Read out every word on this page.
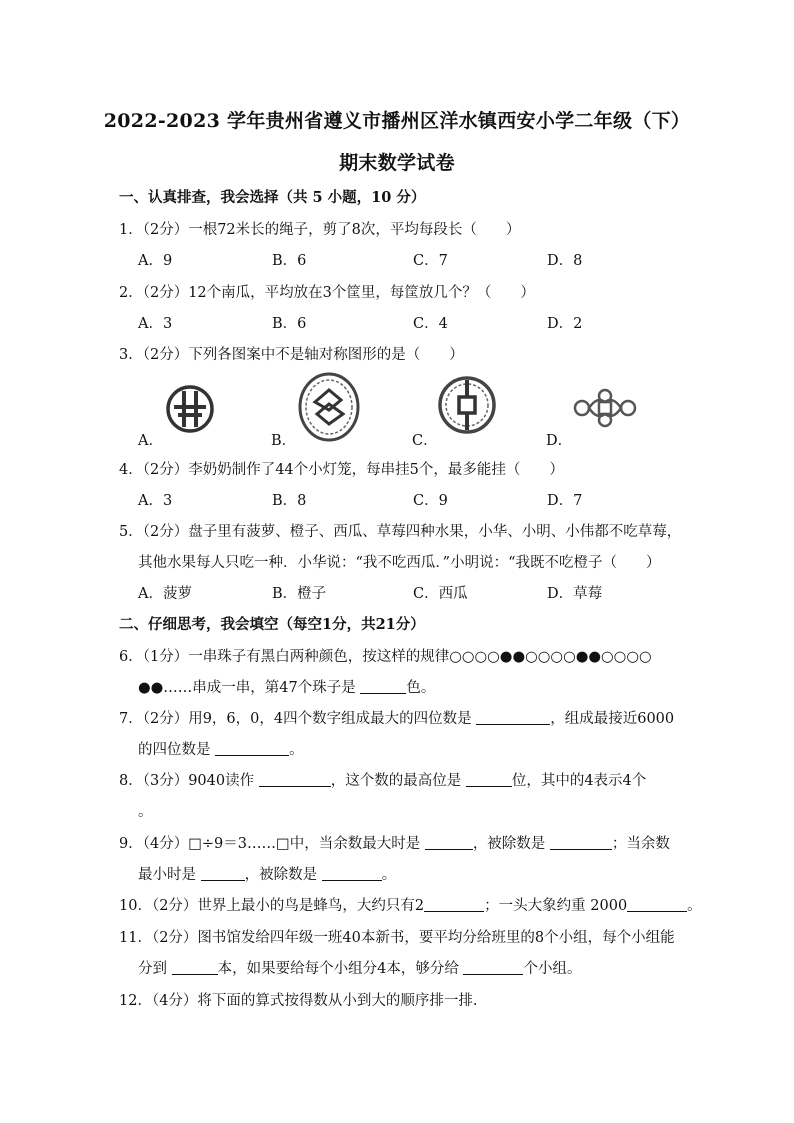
2022-2023 学年贵州省遵义市播州区洋水镇西安小学二年级（下）
期末数学试卷
一、认真排查，我会选择（共 5 小题，10 分）
1．（2分）一根72米长的绳子，剪了8次，平均每段长（　　）
A．9	B．6	C．7	D．8
2．（2分）12个南瓜，平均放在3个筐里，每筐放几个？（　　）
A．3	B．6	C．4	D．2
3．（2分）下列各图案中不是轴对称图形的是（　　）
A．	B．	C．	D．
4．（2分）李奶奶制作了44个小灯笼，每串挂5个，最多能挂（　　）
A．3	B．8	C．9	D．7
5．（2分）盘子里有菠萝、橙子、西瓜、草莓四种水果，小华、小明、小伟都不吃草莓，
其他水果每人只吃一种．小华说：“我不吃西瓜．”小明说：“我既不吃橙子（　　）
A．菠萝	B．橙子	C．西瓜	D．草莓
二、仔细思考，我会填空（每空1分，共21分）
6．（1分）一串珠子有黑白两种颜色，按这样的规律○○○○●●○○○○●●○○○○
●●……串成一串，第47个珠子是	色。
7．（2分）用9，6，0，4四个数字组成最大的四位数是	，组成最接近6000
的四位数是	。
8．（3分）9040读作	，这个数的最高位是	位，其中的4表示4个
。
9．（4分）□÷9＝3……□中，当余数最大时是	，被除数是	；当余数
最小时是	，被除数是	。
10．（2分）世界上最小的鸟是蜂鸟，大约只有2	；一头大象约重 2000	。
11．（2分）图书馆发给四年级一班40本新书，要平均分给班里的8个小组，每个小组能
分到	本，如果要给每个小组分4本，够分给	个小组。
12．（4分）将下面的算式按得数从小到大的顺序排一排.
